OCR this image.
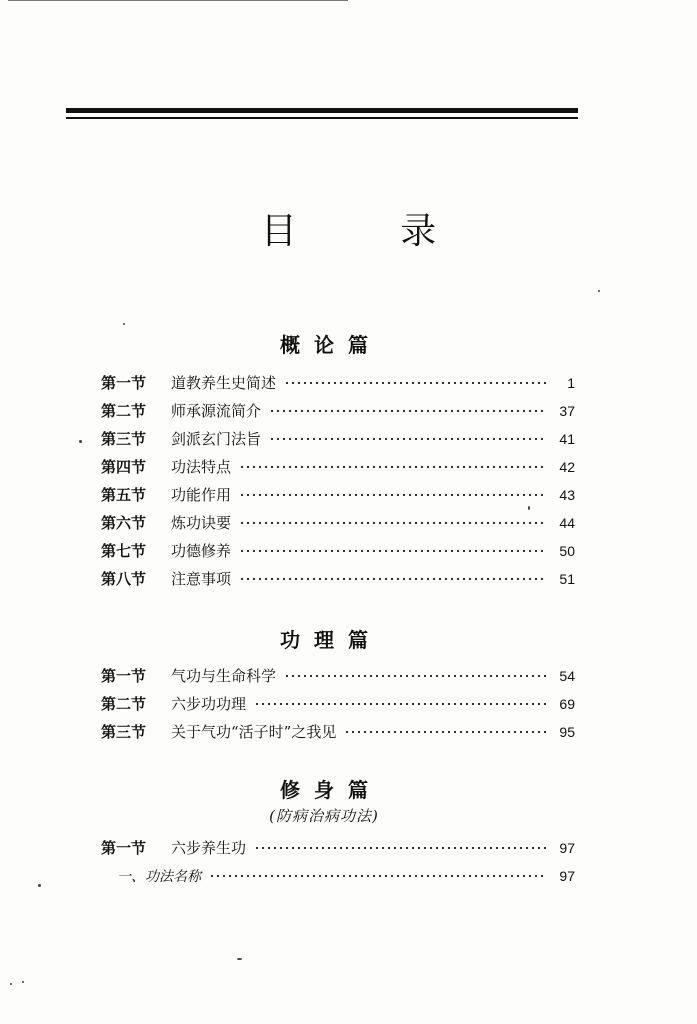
目 录
概论篇
第一节	道教养生史简述	1
第二节	师承源流简介	37
第三节	剑派玄门法旨	41
第四节	功法特点	42
第五节	功能作用	43
第六节	炼功诀要	44
第七节	功德修养	50
第八节	注意事项	51
功理篇
第一节	气功与生命科学	54
第二节	六步功功理	69
第三节	关于气功“活子时”之我见	95
修身篇
(防病治病功法)
第一节	六步养生功	97
一、功法名称	97
